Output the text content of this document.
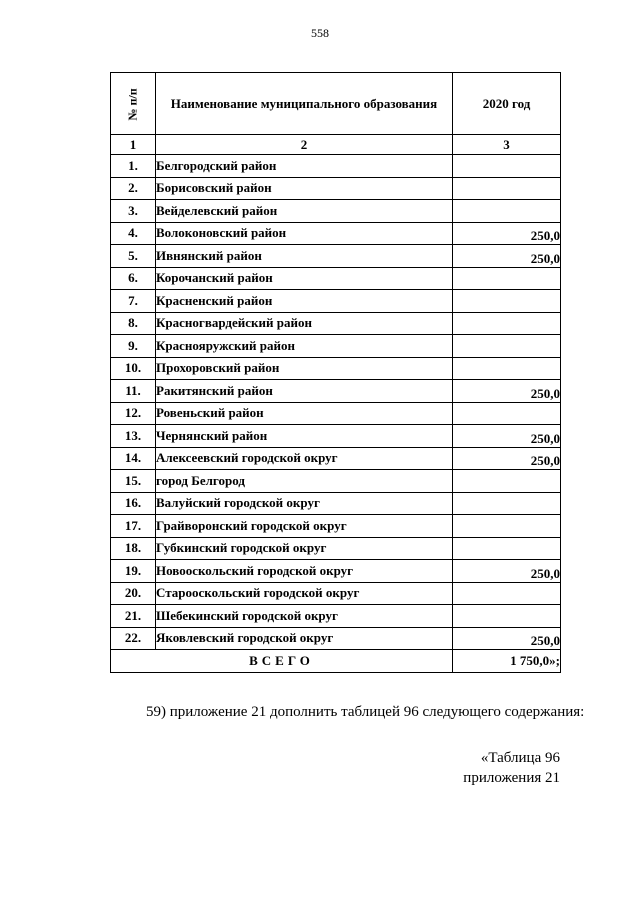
558
№ п/п	Наименование муниципального образования	2020 год
1	2	3
1.	Белгородский район	
2.	Борисовский район	
3.	Вейделевский район	
4.	Волоконовский район	250,0
5.	Ивнянский район	250,0
6.	Корочанский район	
7.	Красненский район	
8.	Красногвардейский район	
9.	Краснояружский район	
10.	Прохоровский район	
11.	Ракитянский район	250,0
12.	Ровеньский район	
13.	Чернянский район	250,0
14.	Алексеевский городской округ	250,0
15.	город Белгород	
16.	Валуйский городской округ	
17.	Грайворонский городской округ	
18.	Губкинский городской округ	
19.	Новооскольский городской округ	250,0
20.	Старооскольский городской округ	
21.	Шебекинский городской округ	
22.	Яковлевский городской округ	250,0
ВСЕГО		1 750,0»;
59) приложение 21 дополнить таблицей 96 следующего содержания:
«Таблица 96
приложения 21
